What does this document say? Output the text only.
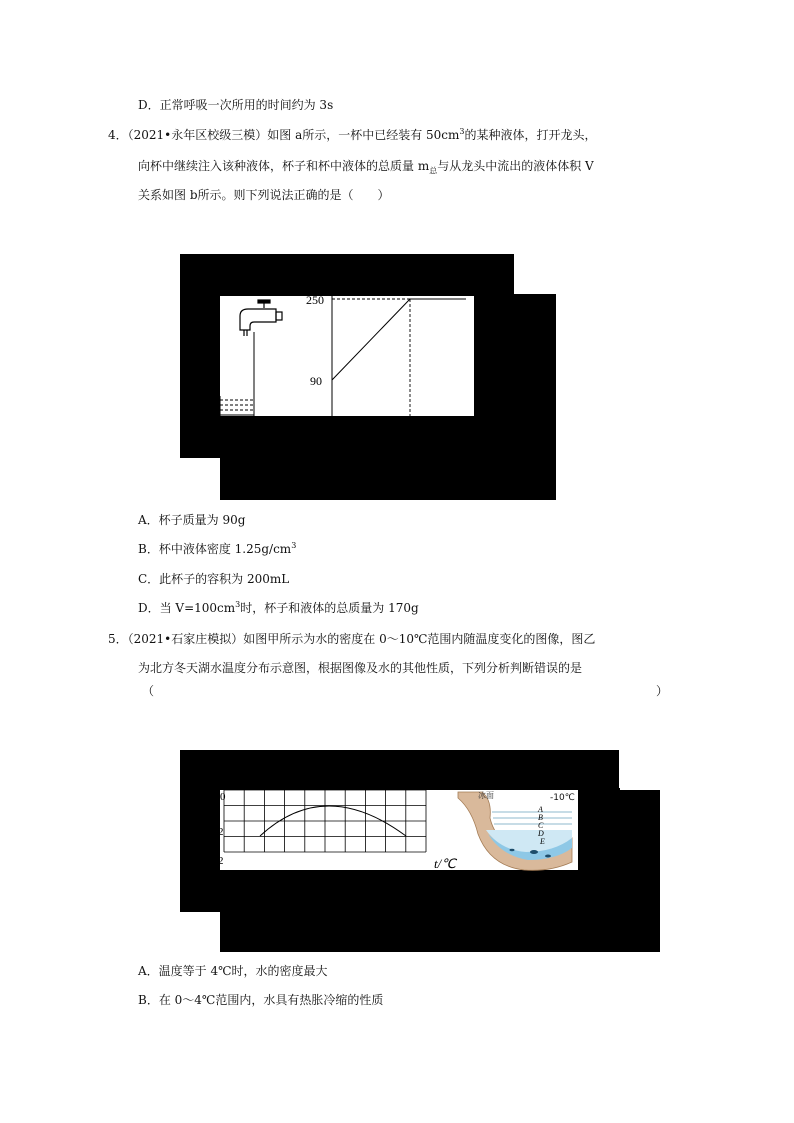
D．正常呼吸一次所用的时间约为 3s
4．（2021•永年区校级三模）如图 a所示，一杯中已经装有 $50cm^3$的某种液体，打开龙头，
向杯中继续注入该种液体，杯子和杯中液体的总质量 $m_总$与从龙头中流出的液体体积 V
关系如图 b所示。则下列说法正确的是（　　）
250
90
A．杯子质量为 90g
B．杯中液体密度 $1.25g/cm^3$
C．此杯子的容积为 200mL
D．当 $V=100cm^3$时，杯子和液体的总质量为 170g
5．（2021•石家庄模拟）如图甲所示为水的密度在 0～10℃范围内随温度变化的图像，图乙
为北方冬天湖水温度分布示意图，根据图像及水的其他性质，下列分析判断错误的是
（	）
0
2
2	t/℃
冰面	-10℃
A
B
C
D
E
A．温度等于 4℃时，水的密度最大
B．在 0～4℃范围内，水具有热胀冷缩的性质
